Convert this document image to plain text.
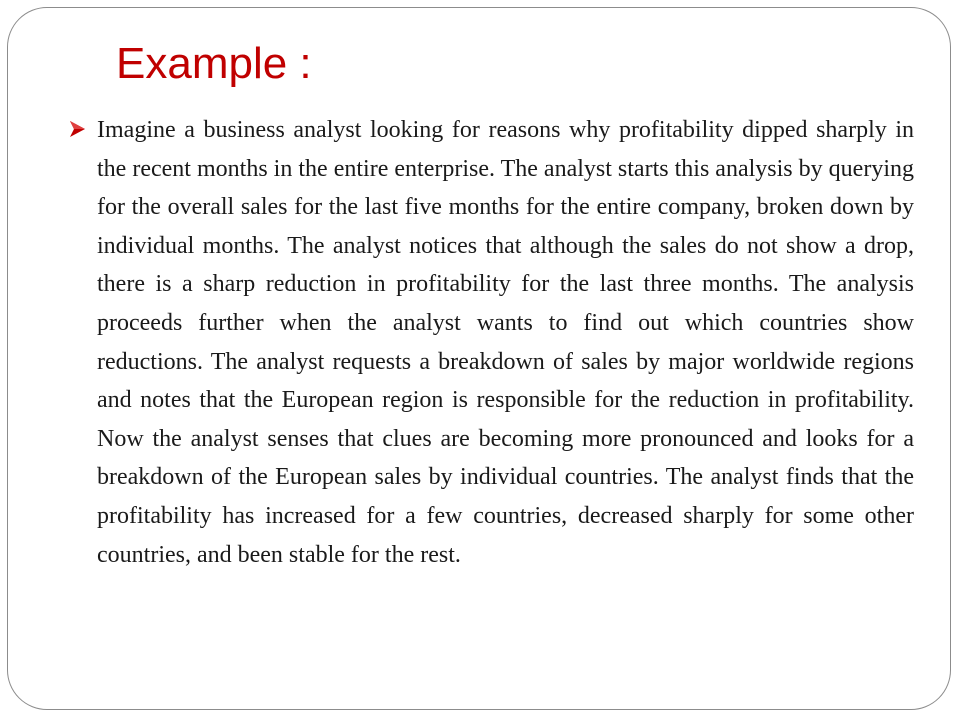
Example :

Imagine a business analyst looking for reasons why profitability dipped sharply in the recent months in the entire enterprise. The analyst starts this analysis by querying for the overall sales for the last five months for the entire company, broken down by individual months. The analyst notices that although the sales do not show a drop, there is a sharp reduction in profitability for the last three months. The analysis proceeds further when the analyst wants to find out which countries show reductions. The analyst requests a breakdown of sales by major worldwide regions and notes that the European region is responsible for the reduction in profitability. Now the analyst senses that clues are becoming more pronounced and looks for a breakdown of the European sales by individual countries. The analyst finds that the profitability has increased for a few countries, decreased sharply for some other countries, and been stable for the rest.
